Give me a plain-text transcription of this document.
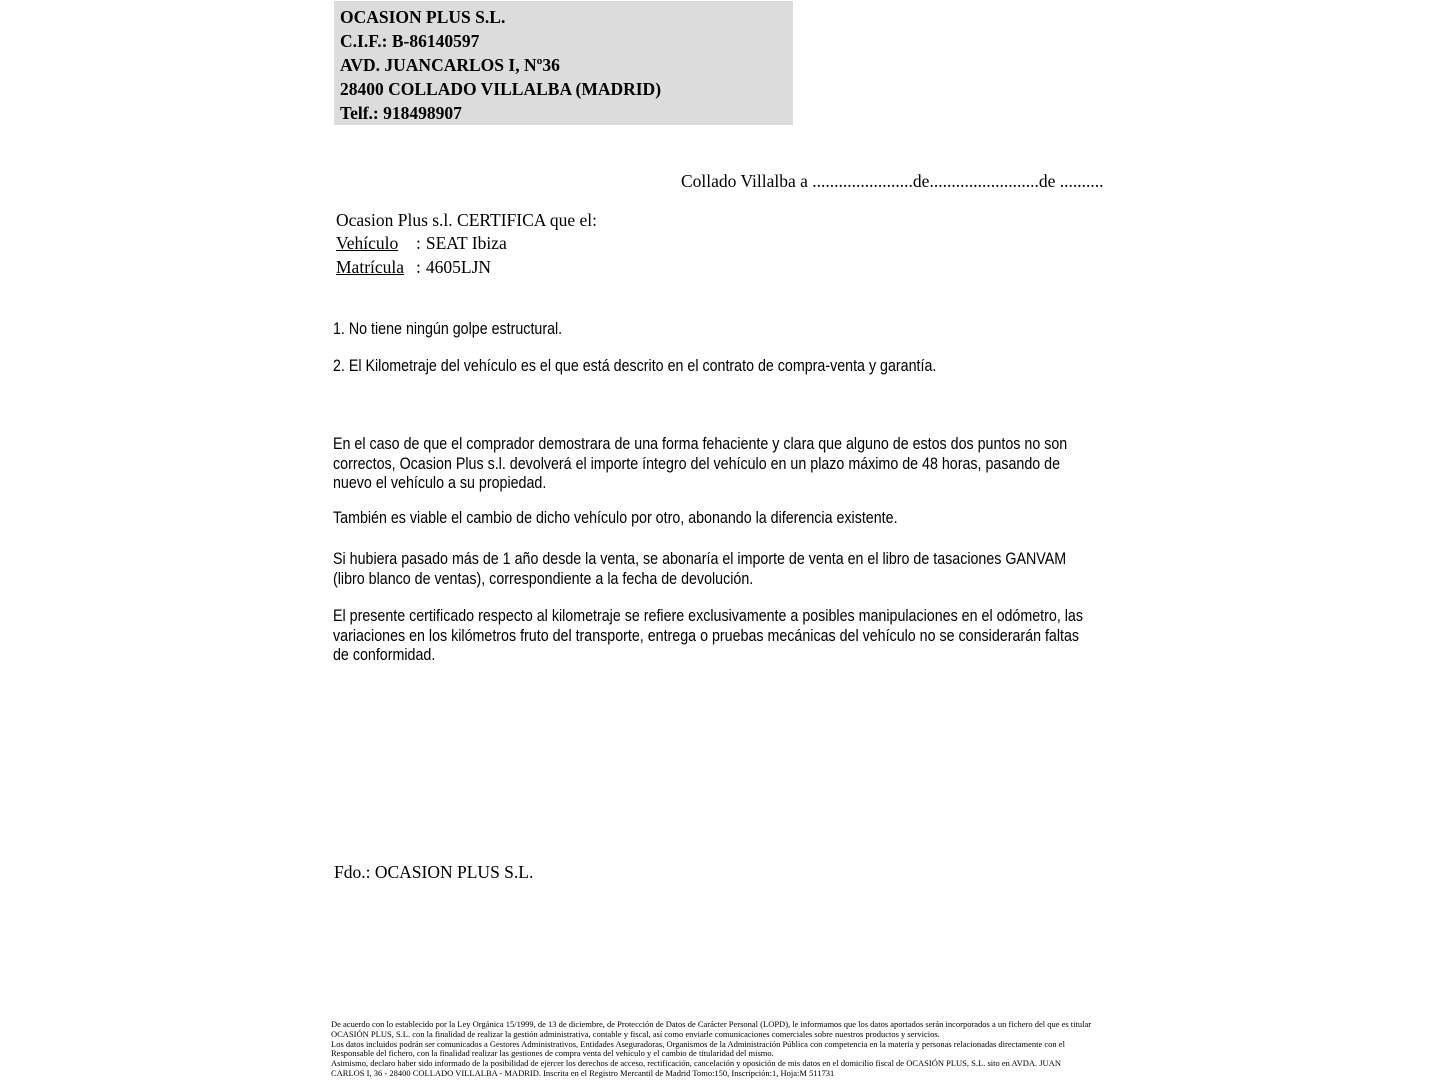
OCASION PLUS S.L.
C.I.F.: B-86140597
AVD. JUANCARLOS I, Nº36
28400 COLLADO VILLALBA (MADRID)
Telf.: 918498907
Collado Villalba a .......................de.........................de ..........
Ocasion Plus s.l. CERTIFICA que el:
Vehículo : SEAT Ibiza
Matrícula : 4605LJN
1. No tiene ningún golpe estructural.
2. El Kilometraje del vehículo es el que está descrito en el contrato de compra-venta y garantía.
En el caso de que el comprador demostrara de una forma fehaciente y clara que alguno de estos dos puntos no son correctos, Ocasion Plus s.l. devolverá el importe íntegro del vehículo en un plazo máximo de 48 horas, pasando de nuevo el vehículo a su propiedad.
También es viable el cambio de dicho vehículo por otro, abonando la diferencia existente.
Si hubiera pasado más de 1 año desde la venta, se abonaría el importe de venta en el libro de tasaciones GANVAM (libro blanco de ventas), correspondiente a la fecha de devolución.
El presente certificado respecto al kilometraje se refiere exclusivamente a posibles manipulaciones en el odómetro, las variaciones en los kilómetros fruto del transporte, entrega o pruebas mecánicas del vehículo no se considerarán faltas de conformidad.
Fdo.: OCASION PLUS S.L.
De acuerdo con lo establecido por la Ley Orgánica 15/1999, de 13 de diciembre, de Protección de Datos de Carácter Personal (LOPD), le informamos que los datos aportados serán incorporados a un fichero del que es titular
OCASIÓN PLUS, S.L. con la finalidad de realizar la gestión administrativa, contable y fiscal, así como enviarle comunicaciones comerciales sobre nuestros productos y servicios.
Los datos incluidos podrán ser comunicados a Gestores Administrativos, Entidades Aseguradoras, Organismos de la Administración Pública con competencia en la materia y personas relacionadas directamente con el
Responsable del fichero, con la finalidad realizar las gestiones de compra venta del vehículo y el cambio de titularidad del mismo.
Asimismo, declaro haber sido informado de la posibilidad de ejercer los derechos de acceso, rectificación, cancelación y oposición de mis datos en el domicilio fiscal de OCASIÓN PLUS, S.L. sito en AVDA. JUAN
CARLOS I, 36 - 28400 COLLADO VILLALBA - MADRID. Inscrita en el Registro Mercantil de Madrid Tomo:150, Inscripción:1, Hoja:M 511731
